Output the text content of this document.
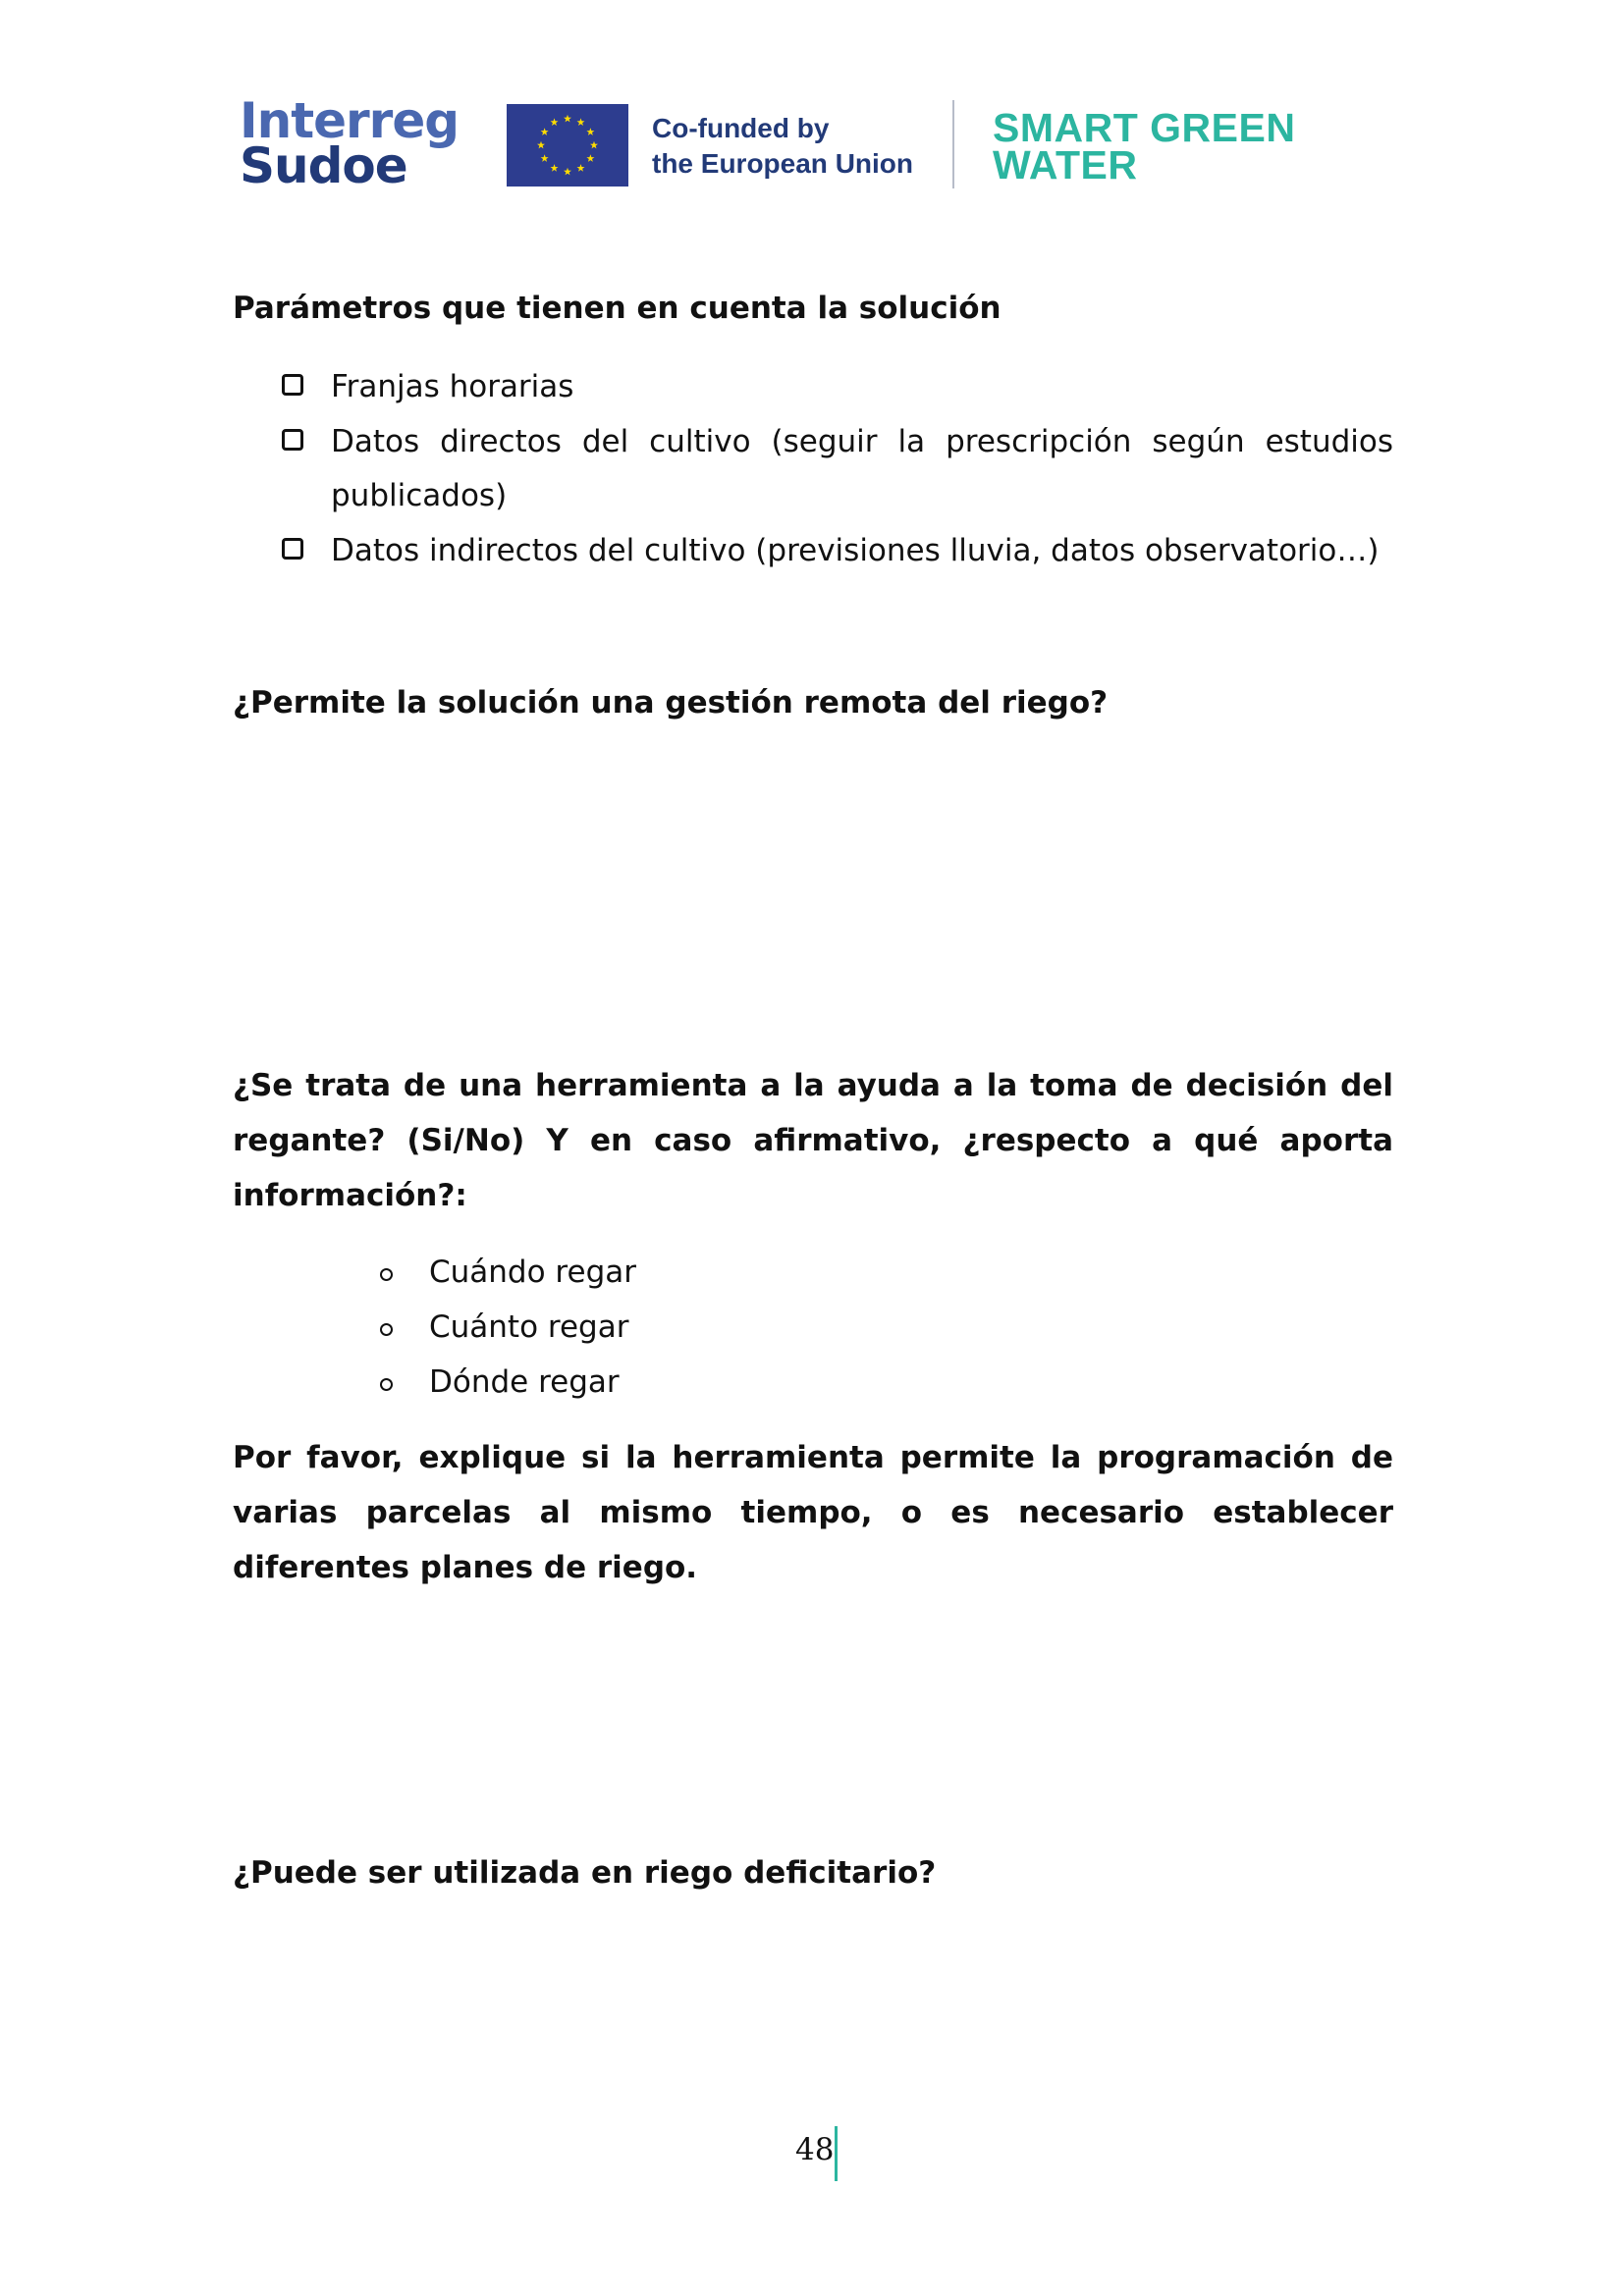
Interreg
Sudoe
Co-funded by
the European Union
SMART GREEN
WATER
Parámetros que tienen en cuenta la solución
Franjas horarias
Datos directos del cultivo (seguir la prescripción según estudios publicados)
Datos indirectos del cultivo (previsiones lluvia, datos observatorio…)
¿Permite la solución una gestión remota del riego?
¿Se trata de una herramienta a la ayuda a la toma de decisión del regante? (Si/No) Y en caso afirmativo, ¿respecto a qué aporta información?:
Cuándo regar
Cuánto regar
Dónde regar
Por favor, explique si la herramienta permite la programación de varias parcelas al mismo tiempo, o es necesario establecer diferentes planes de riego.
¿Puede ser utilizada en riego deficitario?
48
